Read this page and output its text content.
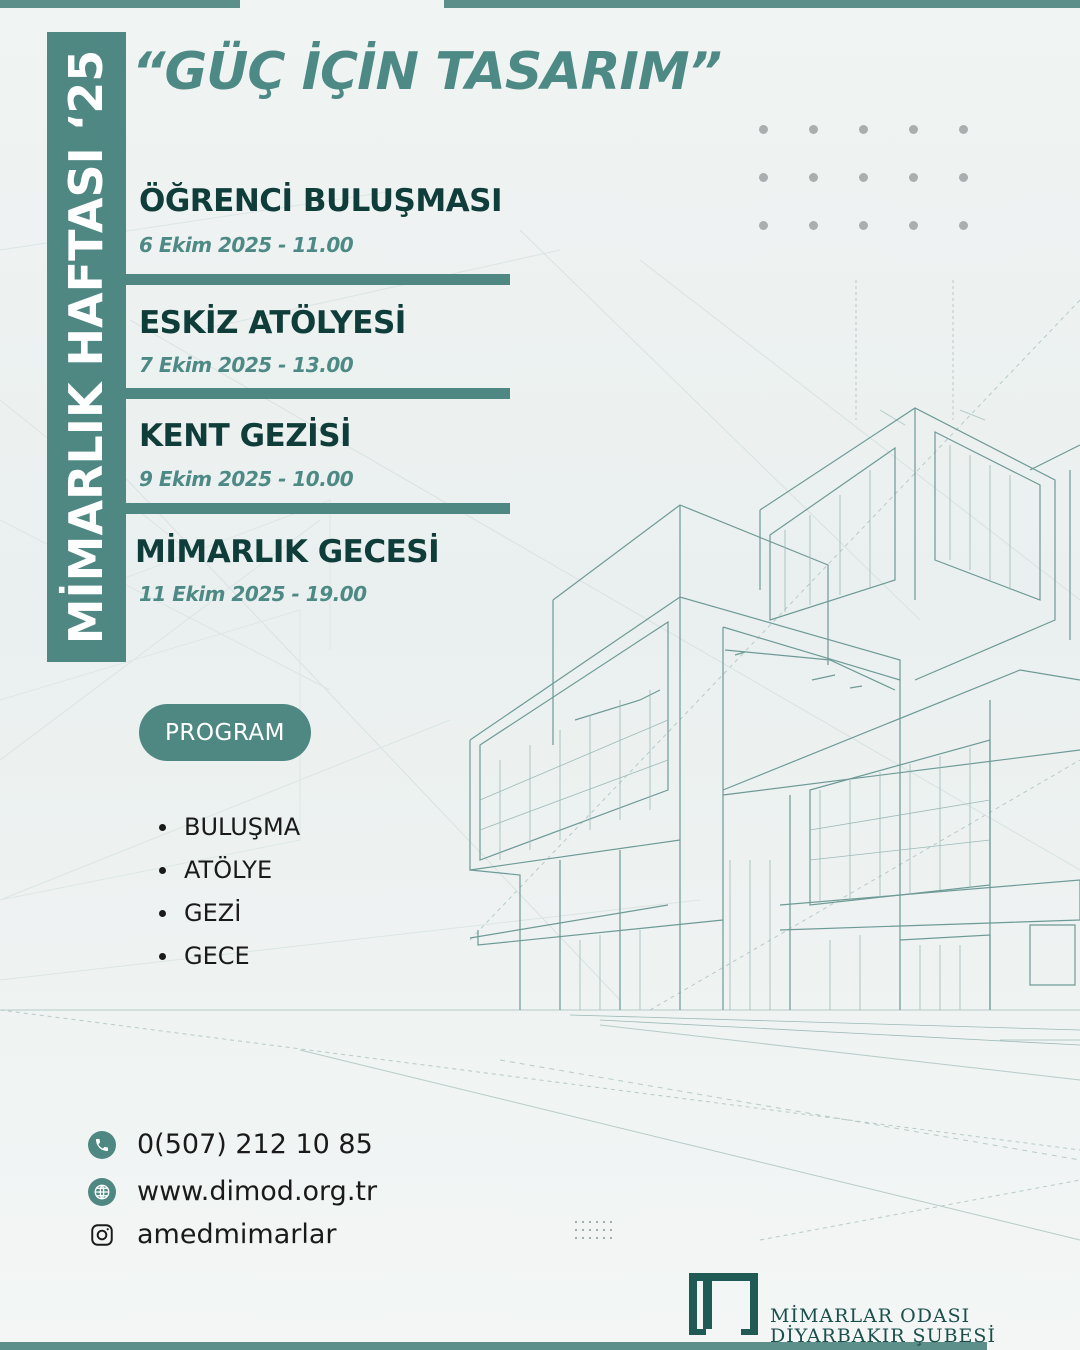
MİMARLIK HAFTASI ‘25 “GÜÇ İÇİN TASARIM”
ÖĞRENCİ BULUŞMASI
6 Ekim 2025 - 11.00
ESKİZ ATÖLYESİ
7 Ekim 2025 - 13.00
KENT GEZİSİ
9 Ekim 2025 - 10.00
MİMARLIK GECESİ
11 Ekim 2025 - 19.00
PROGRAM
BULUŞMA
ATÖLYE
GEZİ
GECE
0(507) 212 10 85
www.dimod.org.tr
amedmimarlar
MİMARLAR ODASI
DİYARBAKIR ŞUBESİ
